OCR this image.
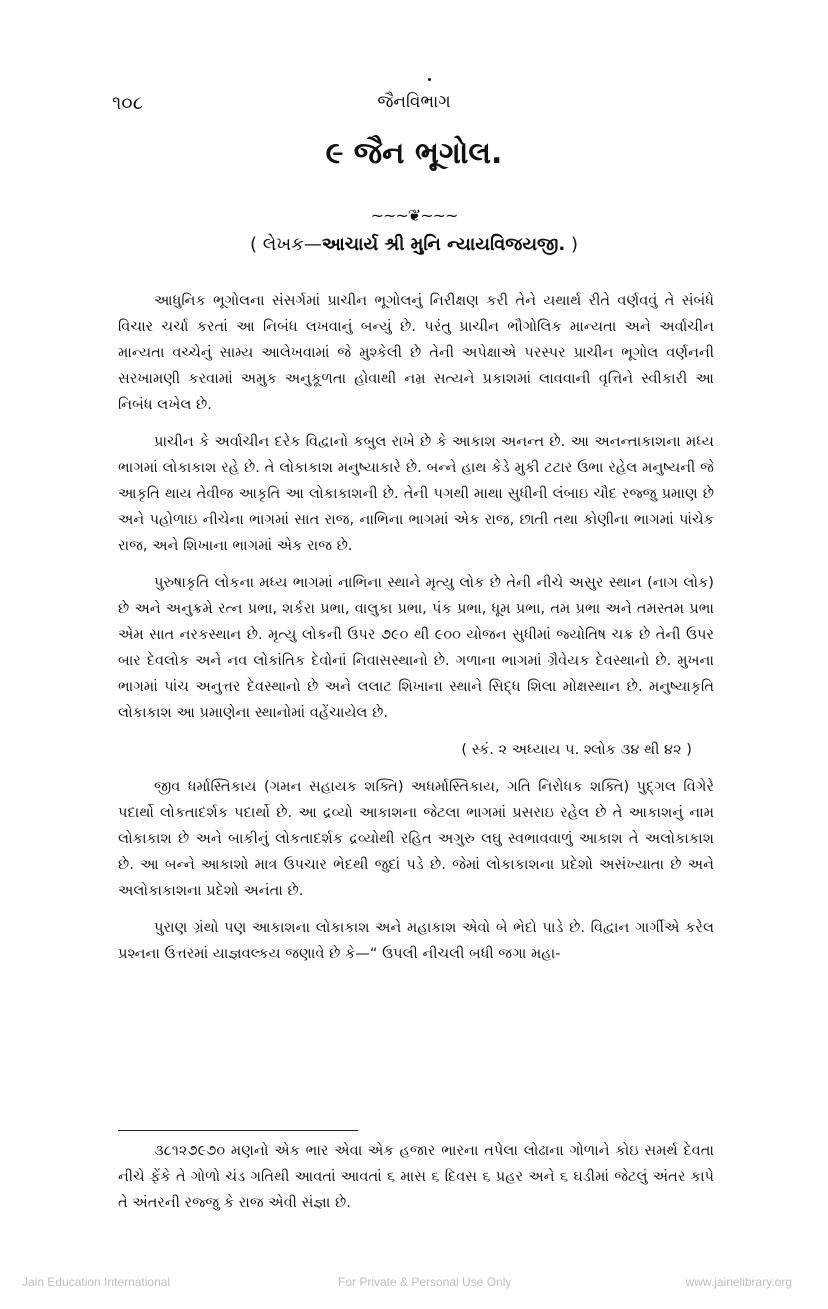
૧૦૮	જૈનવિભાગ
૯ જૈન ભૂગોલ.
~~~❦~~~
( લેખક—આચાર્ય શ્રી મુનિ ન્યાયવિજયજી. )

આધુનિક ભૂગોલના સંસર્ગમાં પ્રાચીન ભૂગોલનું નિરીક્ષણ કરી તેને યથાર્થ રીતે વર્ણવવું તે સંબંધે વિચાર ચર્ચા કરતાં આ નિબંધ લખવાનું બન્યું છે. પરંતુ પ્રાચીન ભૌગોલિક માન્યતા અને અર્વાચીન માન્યતા વચ્ચેનું સામ્ય આલેખવામાં જે મુશ્કેલી છે તેની અપેક્ષાએ પરસ્પર પ્રાચીન ભૂગોલ વર્ણનની સરખામણી કરવામાં અમુક અનુકૂળતા હોવાથી નમ્ર સત્યને પ્રકાશમાં લાવવાની વૃત્તિને સ્વીકારી આ નિબંધ લખેલ છે.

પ્રાચીન કે અર્વાચીન દરેક વિદ્વાનો કબુલ રાખે છે કે આકાશ અનન્ત છે. આ અનન્તાકાશના મધ્ય ભાગમાં લોકાકાશ રહે છે. તે લોકાકાશ મનુષ્યાકારે છે. બન્ને હાથ કેડે મુકી ટટાર ઉભા રહેલ મનુષ્યની જે આકૃતિ થાય તેવીજ આકૃતિ આ લોકાકાશની છે. તેની પગથી માથા સુધીની લંબાઇ ચૌદ રજ્જુ પ્રમાણ છે અને પહોળાઇ નીચેના ભાગમાં સાત રાજ, નાભિના ભાગમાં એક રાજ, છાતી તથા કોણીના ભાગમાં પાંચેક રાજ, અને શિખાના ભાગમાં એક રાજ છે.

પુરુષાકૃતિ લોકના મધ્ય ભાગમાં નાભિના સ્થાને મૃત્યુ લોક છે તેની નીચે અસુર સ્થાન (નાગ લોક) છે અને અનુક્રમે રત્ન પ્રભા, શર્કરા પ્રભા, વાલુકા પ્રભા, પંક પ્રભા, ધૂમ પ્રભા, તમ પ્રભા અને તમસ્તમ પ્રભા એમ સાત નરકસ્થાન છે. મૃત્યુ લોકની ઉપર ૭૯૦ થી ૯૦૦ યોજન સુધીમાં જ્યોતિષ ચક્ર છે તેની ઉપર બાર દેવલોક અને નવ લોકાંતિક દેવોનાં નિવાસસ્થાનો છે. ગળાના ભાગમાં ગ્રૈવેયક દેવસ્થાનો છે. મુખના ભાગમાં પાંચ અનુત્તર દેવસ્થાનો છે અને લલાટ શિખાના સ્થાને સિદ્ધ શિલા મોક્ષસ્થાન છે. મનુષ્યાકૃતિ લોકાકાશ આ પ્રમાણેના સ્થાનોમાં વહેંચાયેલ છે.

( સ્કં. ૨ અધ્યાય ૫. શ્લોક ૩૪ થી ૪૨ )

જીવ ધર્માસ્તિકાય (ગમન સહાયક શક્તિ) અધર્માસ્તિકાય, ગતિ નિરોધક શક્તિ) પુદ્ગલ વિગેરે પદાર્થો લોકતાદર્શક પદાર્થો છે. આ દ્રવ્યો આકાશના જેટલા ભાગમાં પ્રસરાઇ રહેલ છે તે આકાશનું નામ લોકાકાશ છે અને બાકીનું લોકતાદર્શક દ્રવ્યોથી રહિત અગુરુ લઘુ સ્વભાવવાળું આકાશ તે અલોકાકાશ છે. આ બન્ને આકાશો માત્ર ઉપચાર ભેદથી જુદાં પડે છે. જેમાં લોકાકાશના પ્રદેશો અસંખ્યાતા છે અને અલોકાકાશના પ્રદેશો અનંતા છે.

પુરાણ ગ્રંથો પણ આકાશના લોકાકાશ અને મહાકાશ એવો બે ભેદો પાડે છે. વિદ્વાન ગાર્ગીએ કરેલ પ્રશ્નના ઉત્તરમાં યાજ્ઞવલ્કય જણાવે છે કે—“ ઉપલી નીચલી બધી જગા મહા-

૩૮૧૨૭૯૭૦ મણનો એક ભાર એવા એક હજાર ભારના તપેલા લોઢાના ગોળાને કોઇ સમર્થ દેવતા નીચે ફેંકે તે ગોળો ચંડ ગતિથી આવતાં આવતાં ૬ માસ ૬ દિવસ ૬ પ્રહર અને ૬ ઘડીમાં જેટલું અંતર કાપે તે અંતરની રજ્જુ કે રાજ એવી સંજ્ઞા છે.

Jain Education International	For Private & Personal Use Only	www.jainelibrary.org
